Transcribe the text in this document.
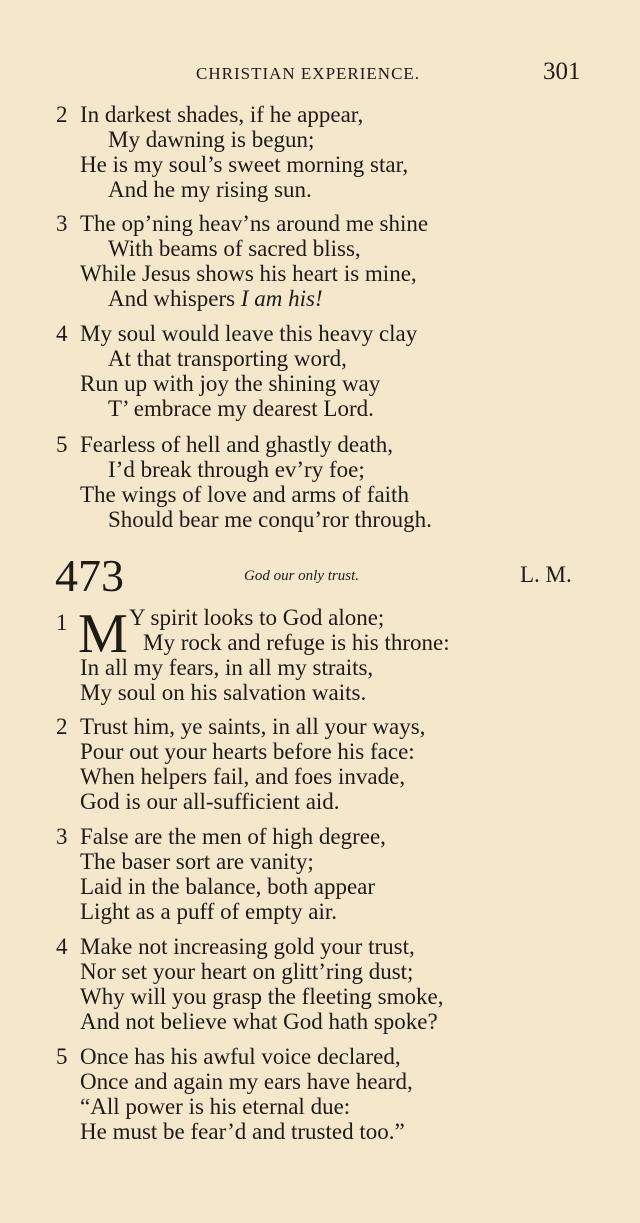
CHRISTIAN EXPERIENCE.	301
2 In darkest shades, if he appear,
My dawning is begun;
He is my soul’s sweet morning star,
And he my rising sun.
3 The op’ning heav’ns around me shine
With beams of sacred bliss,
While Jesus shows his heart is mine,
And whispers I am his!
4 My soul would leave this heavy clay
At that transporting word,
Run up with joy the shining way
T’ embrace my dearest Lord.
5 Fearless of hell and ghastly death,
I’d break through ev’ry foe;
The wings of love and arms of faith
Should bear me conqu’ror through.
473	God our only trust.	L. M.
1 M Y spirit looks to God alone;
My rock and refuge is his throne:
In all my fears, in all my straits,
My soul on his salvation waits.
2 Trust him, ye saints, in all your ways,
Pour out your hearts before his face:
When helpers fail, and foes invade,
God is our all-sufficient aid.
3 False are the men of high degree,
The baser sort are vanity;
Laid in the balance, both appear
Light as a puff of empty air.
4 Make not increasing gold your trust,
Nor set your heart on glitt’ring dust;
Why will you grasp the fleeting smoke,
And not believe what God hath spoke?
5 Once has his awful voice declared,
Once and again my ears have heard,
“All power is his eternal due:
He must be fear’d and trusted too.”
